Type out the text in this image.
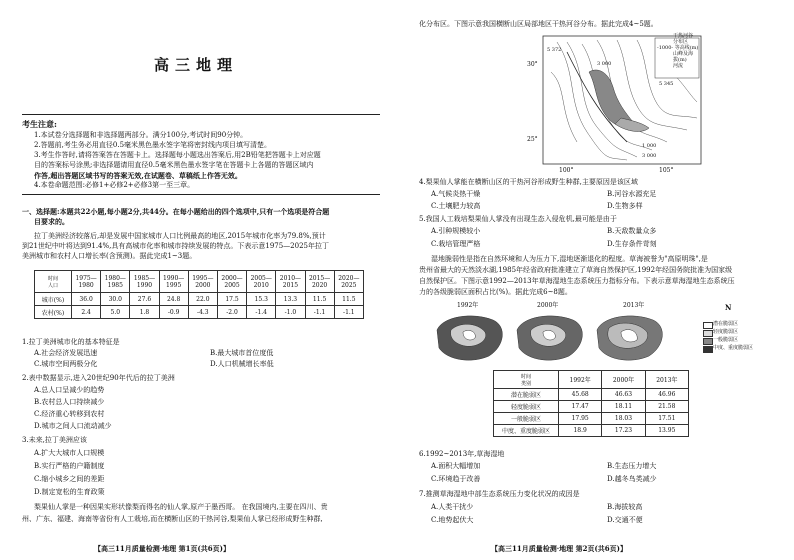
高三地理
考生注意:
1.本试卷分选择题和非选择题两部分。满分100分,考试时间90分钟。
2.答题前,考生务必用直径0.5毫米黑色墨水签字笔将密封线内项目填写清楚。
3.考生作答时,请将答案答在答题卡上。选择题每小题选出答案后,用2B铅笔把答题卡上对应题
目的答案标号涂黑;非选择题请用直径0.5毫米黑色墨水签字笔在答题卡上各题的答题区域内
作答,超出答题区域书写的答案无效,在试题卷、草稿纸上作答无效。
4.本卷命题范围:必修1+必修2+必修3第一至三章。
一、选择题:本题共22小题,每小题2分,共44分。在每小题给出的四个选项中,只有一个选项是符合题
目要求的。
拉丁美洲经济较落后,却是发展中国家城市人口比例最高的地区,2015年城市化率为79.8%,预计
到21世纪中叶将达到91.4%,具有高城市化率和城市持续发展的特点。下表示意1975—2025年拉丁
美洲城市和农村人口增长率(含预测)。据此完成1~3题。
时间
人口	1975—1980	1980—1985	1985—1990	1990—1995	1995—2000	2000—2005	2005—2010	2010—2015	2015—2020	2020—2025
城市(%)	36.0	30.0	27.6	24.8	22.0	17.5	15.3	13.3	11.5	11.5
农村(%)	2.4	5.0	1.8	-0.9	-4.3	-2.0	-1.4	-1.0	-1.1	-1.1
1.拉丁美洲城市化的基本特征是
A.社会经济发展迅速	B.最大城市首位度低
C.城市空间两极分化	D.人口机械增长率低
2.表中数据显示,进入20世纪90年代后的拉丁美洲
A.总人口呈减少的趋势
B.农村总人口持续减少
C.经济重心转移到农村
D.城市之间人口流动减少
3.未来,拉丁美洲应该
A.扩大大城市人口规模
B.实行严格的户籍制度
C.缩小城乡之间的差距
D.制定宽松的生育政策
梨果仙人掌是一种因果实形状像梨而得名的仙人掌,原产于墨西哥。 在我国境内,主要在四川、贵
州、广东、福建、海南等省份有人工栽培,而在横断山区的干热河谷,梨果仙人掌已经形成野生种群,
【高三11月质量检测·地理 第1页(共6页)】
化分布区。下图示意我国横断山区局部地区干热河谷分布。据此完成4~5题。
干热河谷
分布区
-1000- 等高线(m)
山峰及海
拔(m)
河流
5 372
30°
25°
100°	105°
3 000
1 000
5 345
3 000
4.梨果仙人掌能在横断山区的干热河谷形成野生种群,主要原因是该区域
A.气候炎热干燥	B.河谷水源充足
C.土壤肥力较高	D.生物多样
5.我国人工栽培梨果仙人掌没有出现生态入侵危机,最可能是由于
A.引种规模较小	B.天敌数量众多
C.栽培管理严格	D.生存条件苛刻
湿地脆弱性是指在自然环境和人为压力下,湿地逐渐退化的程度。草海被誉为"高原明珠",是
贵州省最大的天然淡水湖,1985年经省政府批准建立了草海自然保护区,1992年经国务院批准为国家级
自然保护区。下图示意1992—2013年草海湿地生态系统压力指标分布。下表示意草海湿地生态系统压
力的各级脆弱区面积占比(%)。据此完成6~8题。
1992年	2000年	2013年	N
潜在脆弱区
轻度脆弱区
一般脆弱区
中度、重度脆弱区
时间
类别	1992年	2000年	2013年
潜在脆弱区	45.68	46.63	46.96
轻度脆弱区	17.47	18.11	21.58
一般脆弱区	17.95	18.03	17.51
中度、重度脆弱区	18.9	17.23	13.95
6.1992~2013年,草海湿地
A.面积大幅增加	B.生态压力增大
C.环境趋于改善	D.越冬鸟类减少
7.推测草海湿地中部生态系统压力变化状况的成因是
A.人类干扰少	B.海拔较高
C.地势起伏大	D.交通不便
【高三11月质量检测·地理 第2页(共6页)】
